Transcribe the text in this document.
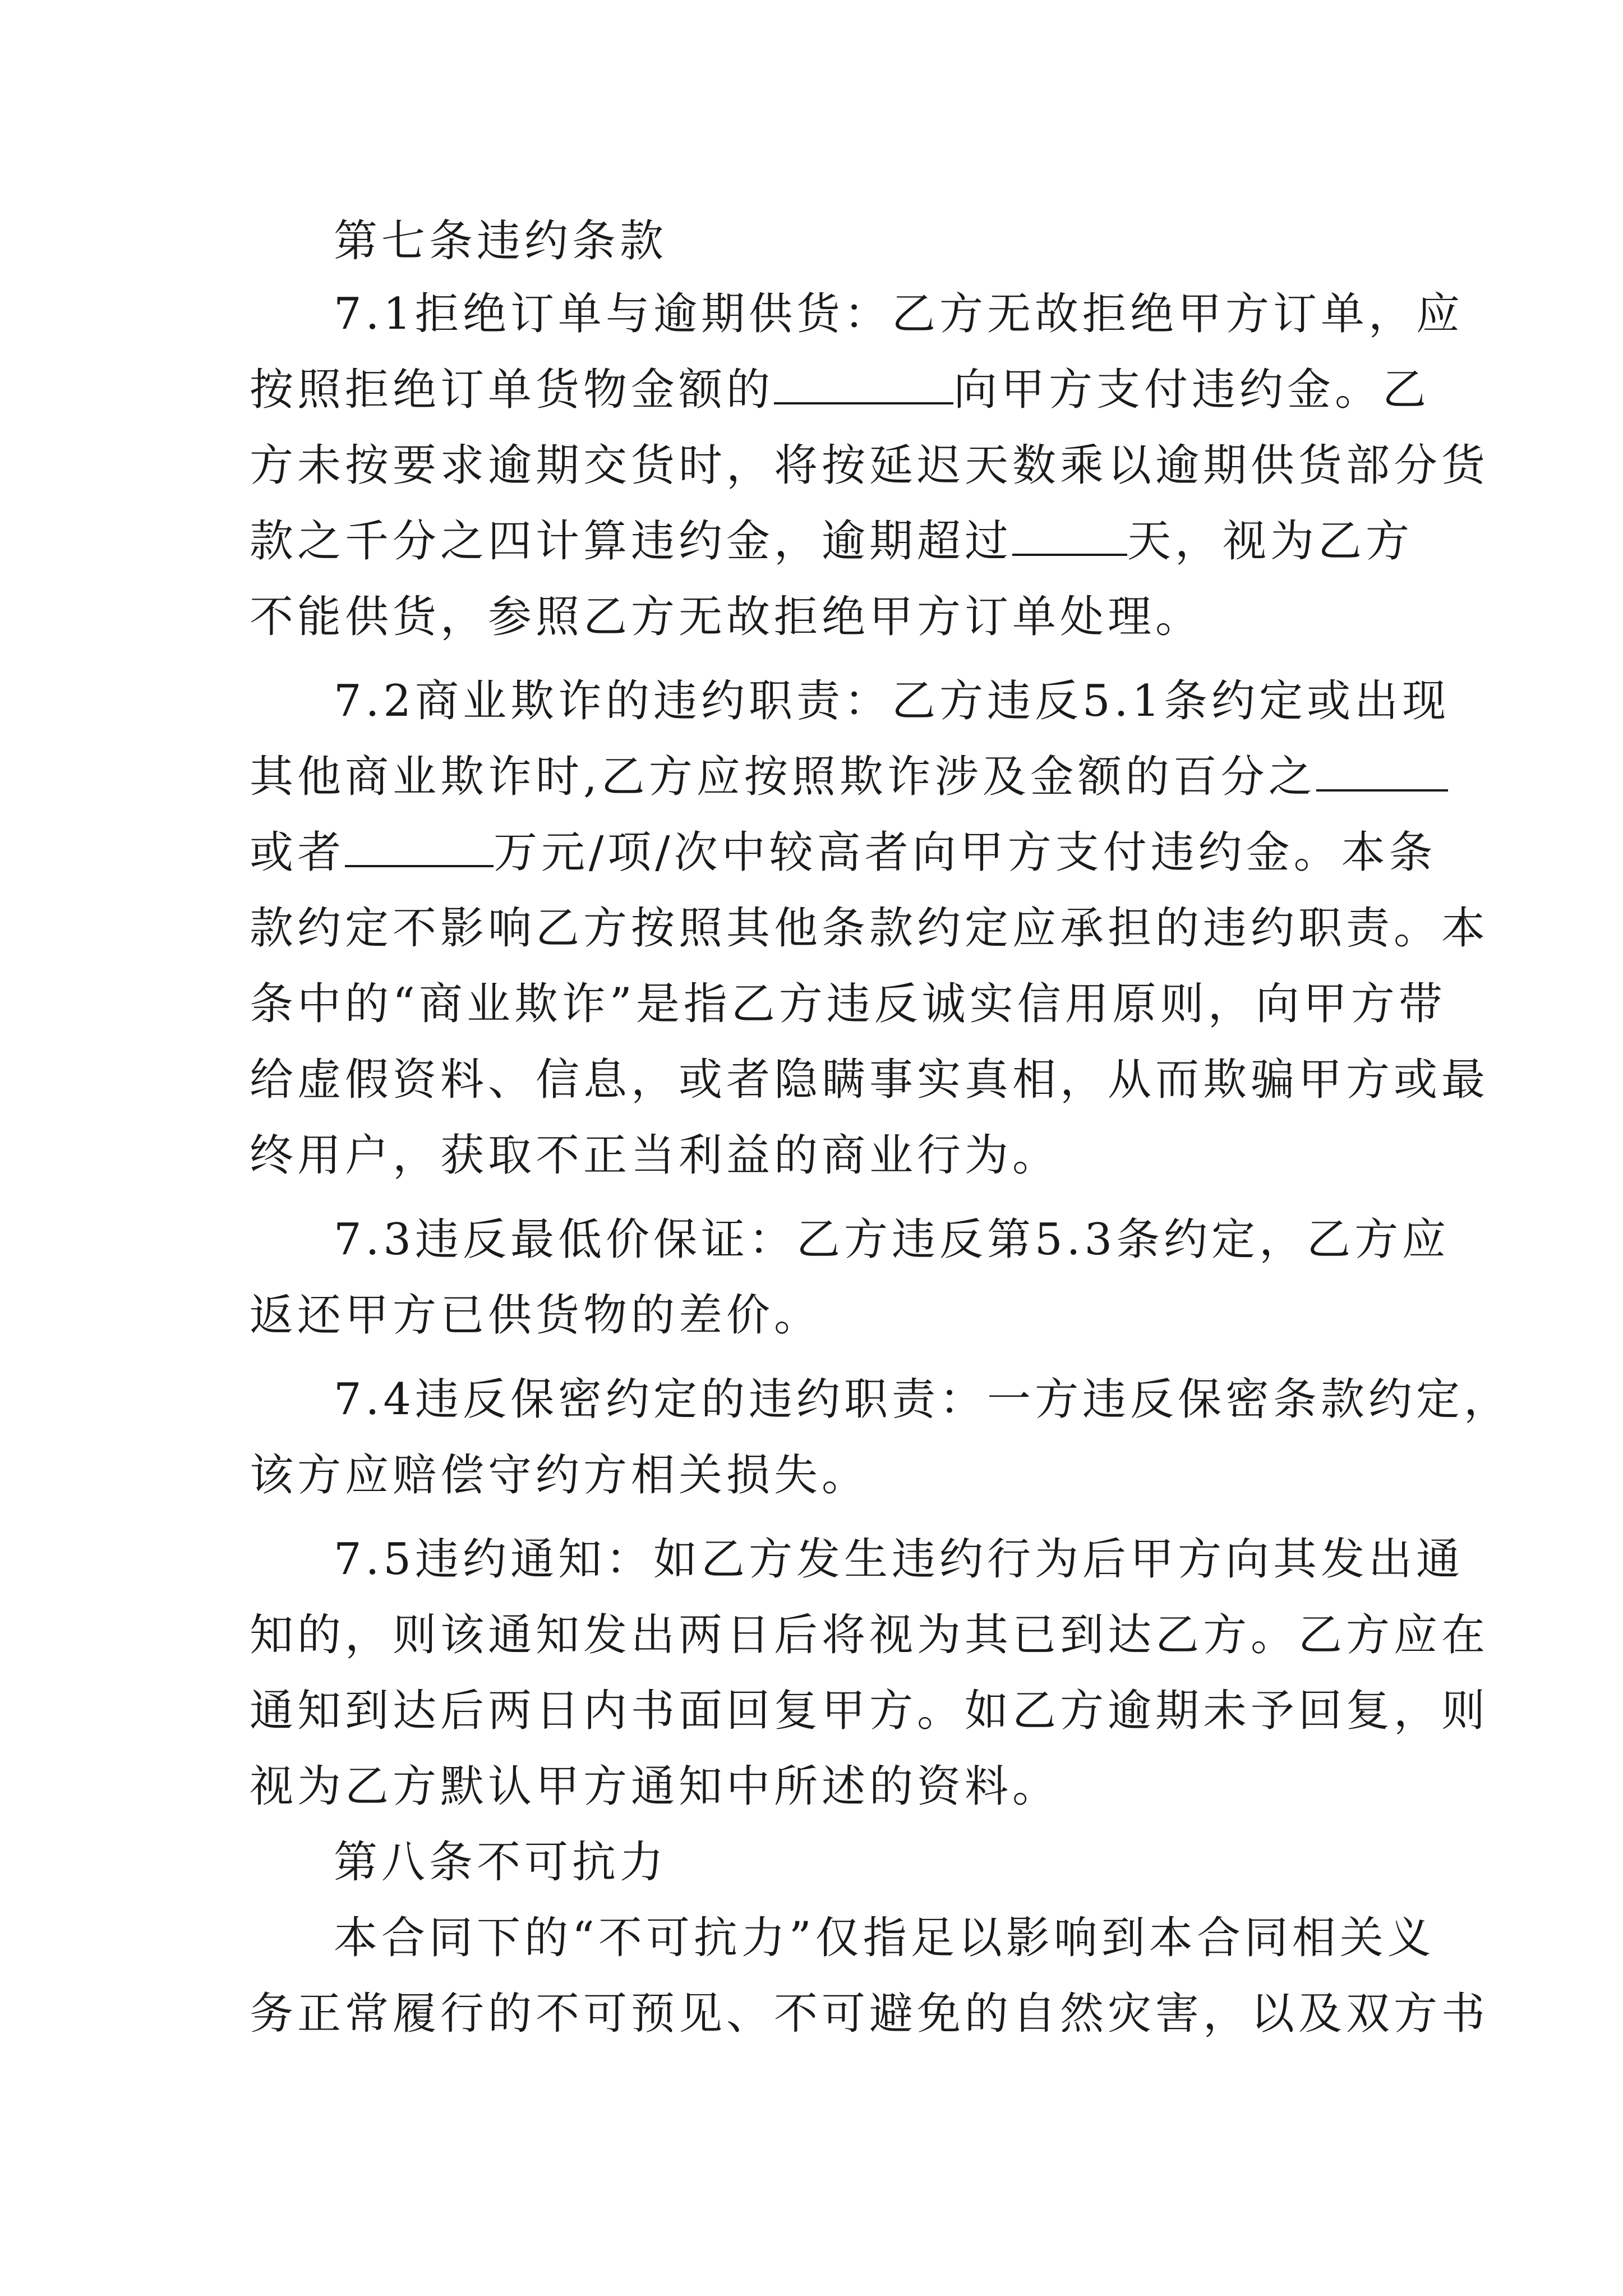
第七条违约条款
7.1拒绝订单与逾期供货：乙方无故拒绝甲方订单，应
按照拒绝订单货物金额的	向甲方支付违约金。乙
方未按要求逾期交货时，将按延迟天数乘以逾期供货部分货
款之千分之四计算违约金，逾期超过	天，视为乙方
不能供货，参照乙方无故拒绝甲方订单处理。
7.2商业欺诈的违约职责：乙方违反5.1条约定或出现
其他商业欺诈时,乙方应按照欺诈涉及金额的百分之
或者	万元/项/次中较高者向甲方支付违约金。本条
款约定不影响乙方按照其他条款约定应承担的违约职责。本
条中的“商业欺诈”是指乙方违反诚实信用原则，向甲方带
给虚假资料、信息，或者隐瞒事实真相，从而欺骗甲方或最
终用户，获取不正当利益的商业行为。
7.3违反最低价保证：乙方违反第5.3条约定，乙方应
返还甲方已供货物的差价。
7.4违反保密约定的违约职责：一方违反保密条款约定，
该方应赔偿守约方相关损失。
7.5违约通知：如乙方发生违约行为后甲方向其发出通
知的，则该通知发出两日后将视为其已到达乙方。乙方应在
通知到达后两日内书面回复甲方。如乙方逾期未予回复，则
视为乙方默认甲方通知中所述的资料。
第八条不可抗力
本合同下的“不可抗力”仅指足以影响到本合同相关义
务正常履行的不可预见、不可避免的自然灾害，以及双方书
